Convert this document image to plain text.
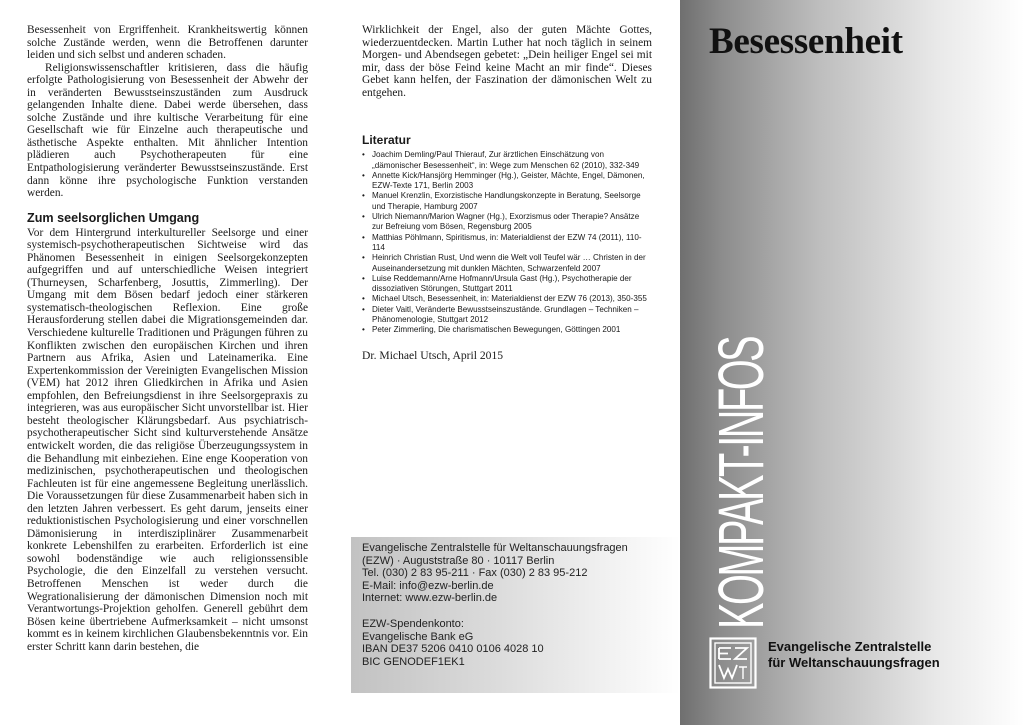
Besessenheit von Ergriffenheit. Krankheitswertig können solche Zustände werden, wenn die Betroffenen darunter leiden und sich selbst und anderen schaden.

Religionswissenschaftler kritisieren, dass die häufig erfolgte Pathologisierung von Besessenheit der Abwehr der in veränderten Bewusstseinszuständen zum Ausdruck gelangenden Inhalte diene. Dabei werde übersehen, dass solche Zustände und ihre kultische Verarbeitung für eine Gesellschaft wie für Einzelne auch therapeutische und ästhetische Aspekte enthalten. Mit ähnlicher Intention plädieren auch Psychotherapeuten für eine Entpathologisierung veränderter Bewusstseinszustände. Erst dann könne ihre psychologische Funktion verstanden werden.

Zum seelsorglichen Umgang

Vor dem Hintergrund interkultureller Seelsorge und einer systemisch-psychotherapeutischen Sichtweise wird das Phänomen Besessenheit in einigen Seelsorgekonzepten aufgegriffen und auf unterschiedliche Weisen integriert (Thurneysen, Scharfenberg, Josuttis, Zimmerling). Der Umgang mit dem Bösen bedarf jedoch einer stärkeren systematisch-theologischen Reflexion. Eine große Herausforderung stellen dabei die Migrationsgemeinden dar. Verschiedene kulturelle Traditionen und Prägungen führen zu Konflikten zwischen den europäischen Kirchen und ihren Partnern aus Afrika, Asien und Lateinamerika. Eine Expertenkommission der Vereinigten Evangelischen Mission (VEM) hat 2012 ihren Gliedkirchen in Afrika und Asien empfohlen, den Befreiungsdienst in ihre Seelsorgepraxis zu integrieren, was aus europäischer Sicht unvorstellbar ist. Hier besteht theologischer Klärungsbedarf. Aus psychiatrisch-psychotherapeutischer Sicht sind kulturverstehende Ansätze entwickelt worden, die das religiöse Überzeugungssystem in die Behandlung mit einbeziehen. Eine enge Kooperation von medizinischen, psychotherapeutischen und theologischen Fachleuten ist für eine angemessene Begleitung unerlässlich. Die Voraussetzungen für diese Zusammenarbeit haben sich in den letzten Jahren verbessert. Es geht darum, jenseits einer reduktionistischen Psychologisierung und einer vorschnellen Dämonisierung in interdisziplinärer Zusammenarbeit konkrete Lebenshilfen zu erarbeiten. Erforderlich ist eine sowohl bodenständige wie auch religionssensible Psychologie, die den Einzelfall zu verstehen versucht. Betroffenen Menschen ist weder durch die Wegrationalisierung der dämonischen Dimension noch mit Verantwortungs-Projektion geholfen. Generell gebührt dem Bösen keine übertriebene Aufmerksamkeit – nicht umsonst kommt es in keinem kirchlichen Glaubensbekenntnis vor. Ein erster Schritt kann darin bestehen, die

Wirklichkeit der Engel, also der guten Mächte Gottes, wiederzuentdecken. Martin Luther hat noch täglich in seinem Morgen- und Abendsegen gebetet: „Dein heiliger Engel sei mit mir, dass der böse Feind keine Macht an mir finde“. Dieses Gebet kann helfen, der Faszination der dämonischen Welt zu entgehen.

Literatur
• Joachim Demling/Paul Thierauf, Zur ärztlichen Einschätzung von „dämonischer Besessenheit“, in: Wege zum Menschen 62 (2010), 332-349
• Annette Kick/Hansjörg Hemminger (Hg.), Geister, Mächte, Engel, Dämonen, EZW-Texte 171, Berlin 2003
• Manuel Krenzlin, Exorzistische Handlungskonzepte in Beratung, Seelsorge und Therapie, Hamburg 2007
• Ulrich Niemann/Marion Wagner (Hg.), Exorzismus oder Therapie? Ansätze zur Befreiung vom Bösen, Regensburg 2005
• Matthias Pöhlmann, Spiritismus, in: Materialdienst der EZW 74 (2011), 110-114
• Heinrich Christian Rust, Und wenn die Welt voll Teufel wär … Christen in der Auseinandersetzung mit dunklen Mächten, Schwarzenfeld 2007
• Luise Reddemann/Arne Hofmann/Ursula Gast (Hg.), Psychotherapie der dissoziativen Störungen, Stuttgart 2011
• Michael Utsch, Besessenheit, in: Materialdienst der EZW 76 (2013), 350-355
• Dieter Vaitl, Veränderte Bewusstseinszustände. Grundlagen – Techniken – Phänomenologie, Stuttgart 2012
• Peter Zimmerling, Die charismatischen Bewegungen, Göttingen 2001

Dr. Michael Utsch, April 2015

Evangelische Zentralstelle für Weltanschauungsfragen
(EZW) · Auguststraße 80 · 10117 Berlin
Tel. (030) 2 83 95-211 · Fax (030) 2 83 95-212
E-Mail: info@ezw-berlin.de
Internet: www.ezw-berlin.de
EZW-Spendenkonto:
Evangelische Bank eG
IBAN DE37 5206 0410 0106 4028 10
BIC GENODEF1EK1
Besessenheit
KOMPAKT-INFOS
Evangelische Zentralstelle
für Weltanschauungsfragen
